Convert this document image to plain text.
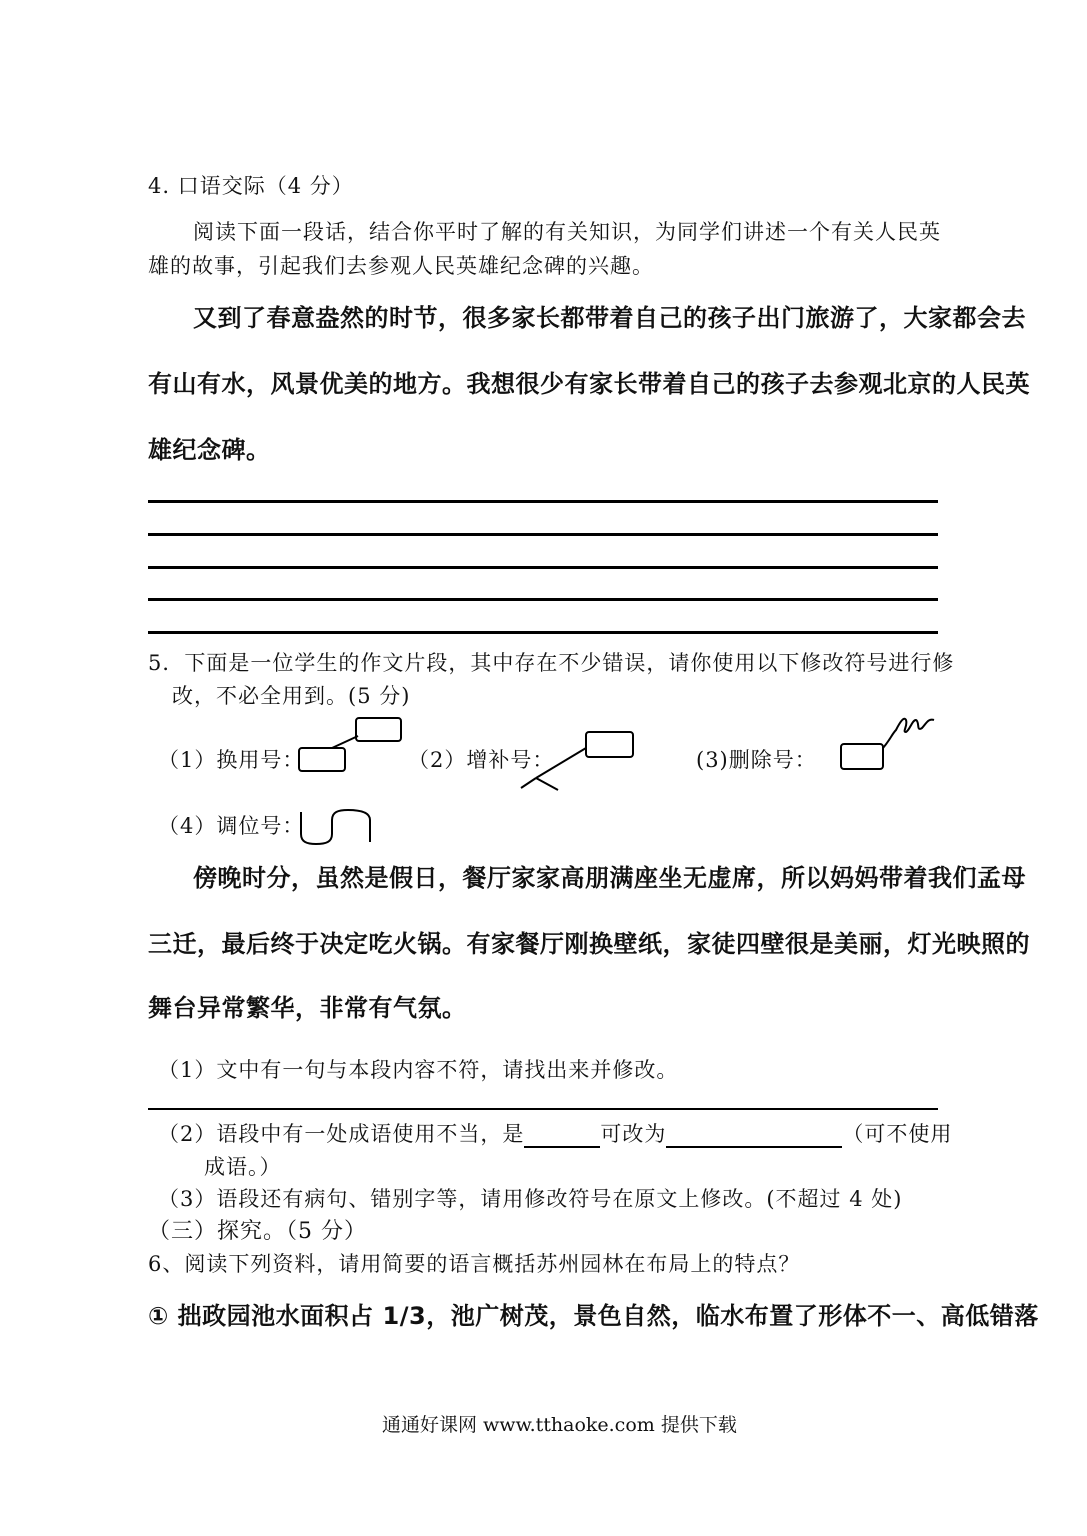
4. 口语交际（4 分）

阅读下面一段话，结合你平时了解的有关知识，为同学们讲述一个有关人民英

雄的故事，引起我们去参观人民英雄纪念碑的兴趣。

又到了春意盎然的时节，很多家长都带着自己的孩子出门旅游了，大家都会去

有山有水，风景优美的地方。我想很少有家长带着自己的孩子去参观北京的人民英

雄纪念碑。

5．下面是一位学生的作文片段，其中存在不少错误，请你使用以下修改符号进行修

改，不必全用到。(5 分)

（1）换用号：	（2）增补号：	(3)删除号：

（4）调位号：

傍晚时分，虽然是假日，餐厅家家高朋满座坐无虚席，所以妈妈带着我们孟母

三迁，最后终于决定吃火锅。有家餐厅刚换壁纸，家徒四壁很是美丽，灯光映照的

舞台异常繁华，非常有气氛。

（1）文中有一句与本段内容不符，请找出来并修改。

（2）语段中有一处成语使用不当，是	可改为	（可不使用

成语。）

（3）语段还有病句、错别字等，请用修改符号在原文上修改。(不超过 4 处)

（三）探究。（5 分）

6、阅读下列资料，请用简要的语言概括苏州园林在布局上的特点？

① 拙政园池水面积占 1/3，池广树茂，景色自然，临水布置了形体不一、高低错落

通通好课网 www.tthaoke.com 提供下载
